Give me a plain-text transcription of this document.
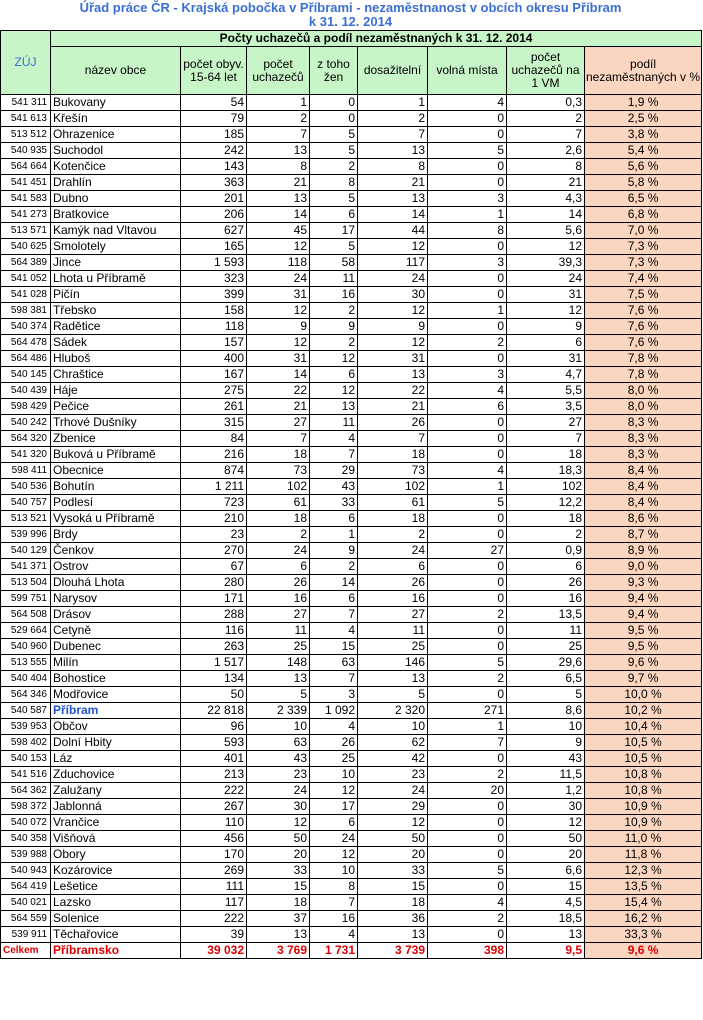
Úřad práce ČR - Krajská pobočka v Příbrami - nezaměstnanost v obcích okresu Příbram
k 31. 12. 2014
ZÚJ	Počty uchazečů a podíl nezaměstnaných k 31. 12. 2014							
	název obce	počet obyv. 15-64 let	počet uchazečů	z toho žen	dosažitelní	volná místa	počet uchazečů na 1 VM	podíl nezaměstnaných v %
541 311	Bukovany	54	1	0	1	4	0,3	1,9 %
541 613	Křešín	79	2	0	2	0	2	2,5 %
513 512	Ohrazenice	185	7	5	7	0	7	3,8 %
540 935	Suchodol	242	13	5	13	5	2,6	5,4 %
564 664	Kotenčice	143	8	2	8	0	8	5,6 %
541 451	Drahlín	363	21	8	21	0	21	5,8 %
541 583	Dubno	201	13	5	13	3	4,3	6,5 %
541 273	Bratkovice	206	14	6	14	1	14	6,8 %
513 571	Kamýk nad Vltavou	627	45	17	44	8	5,6	7,0 %
540 625	Smolotely	165	12	5	12	0	12	7,3 %
564 389	Jince	1 593	118	58	117	3	39,3	7,3 %
541 052	Lhota u Příbramě	323	24	11	24	0	24	7,4 %
541 028	Pičín	399	31	16	30	0	31	7,5 %
598 381	Třebsko	158	12	2	12	1	12	7,6 %
540 374	Radětice	118	9	9	9	0	9	7,6 %
564 478	Sádek	157	12	2	12	2	6	7,6 %
564 486	Hluboš	400	31	12	31	0	31	7,8 %
540 145	Chraštice	167	14	6	13	3	4,7	7,8 %
540 439	Háje	275	22	12	22	4	5,5	8,0 %
598 429	Pečice	261	21	13	21	6	3,5	8,0 %
540 242	Trhové Dušníky	315	27	11	26	0	27	8,3 %
564 320	Zbenice	84	7	4	7	0	7	8,3 %
541 320	Buková u Příbramě	216	18	7	18	0	18	8,3 %
598 411	Obecnice	874	73	29	73	4	18,3	8,4 %
540 536	Bohutín	1 211	102	43	102	1	102	8,4 %
540 757	Podlesí	723	61	33	61	5	12,2	8,4 %
513 521	Vysoká u Příbramě	210	18	6	18	0	18	8,6 %
539 996	Brdy	23	2	1	2	0	2	8,7 %
540 129	Čenkov	270	24	9	24	27	0,9	8,9 %
541 371	Ostrov	67	6	2	6	0	6	9,0 %
513 504	Dlouhá Lhota	280	26	14	26	0	26	9,3 %
599 751	Narysov	171	16	6	16	0	16	9,4 %
564 508	Drásov	288	27	7	27	2	13,5	9,4 %
529 664	Cetyně	116	11	4	11	0	11	9,5 %
540 960	Dubenec	263	25	15	25	0	25	9,5 %
513 555	Milín	1 517	148	63	146	5	29,6	9,6 %
540 404	Bohostice	134	13	7	13	2	6,5	9,7 %
564 346	Modřovice	50	5	3	5	0	5	10,0 %
540 587	Příbram	22 818	2 339	1 092	2 320	271	8,6	10,2 %
539 953	Občov	96	10	4	10	1	10	10,4 %
598 402	Dolní Hbity	593	63	26	62	7	9	10,5 %
540 153	Láz	401	43	25	42	0	43	10,5 %
541 516	Zduchovice	213	23	10	23	2	11,5	10,8 %
564 362	Zalužany	222	24	12	24	20	1,2	10,8 %
598 372	Jablonná	267	30	17	29	0	30	10,9 %
540 072	Vrančice	110	12	6	12	0	12	10,9 %
540 358	Višňová	456	50	24	50	0	50	11,0 %
539 988	Obory	170	20	12	20	0	20	11,8 %
540 943	Kozárovice	269	33	10	33	5	6,6	12,3 %
564 419	Lešetice	111	15	8	15	0	15	13,5 %
540 021	Lazsko	117	18	7	18	4	4,5	15,4 %
564 559	Solenice	222	37	16	36	2	18,5	16,2 %
539 911	Těchařovice	39	13	4	13	0	13	33,3 %
Celkem	Příbramsko	39 032	3 769	1 731	3 739	398	9,5	9,6 %
